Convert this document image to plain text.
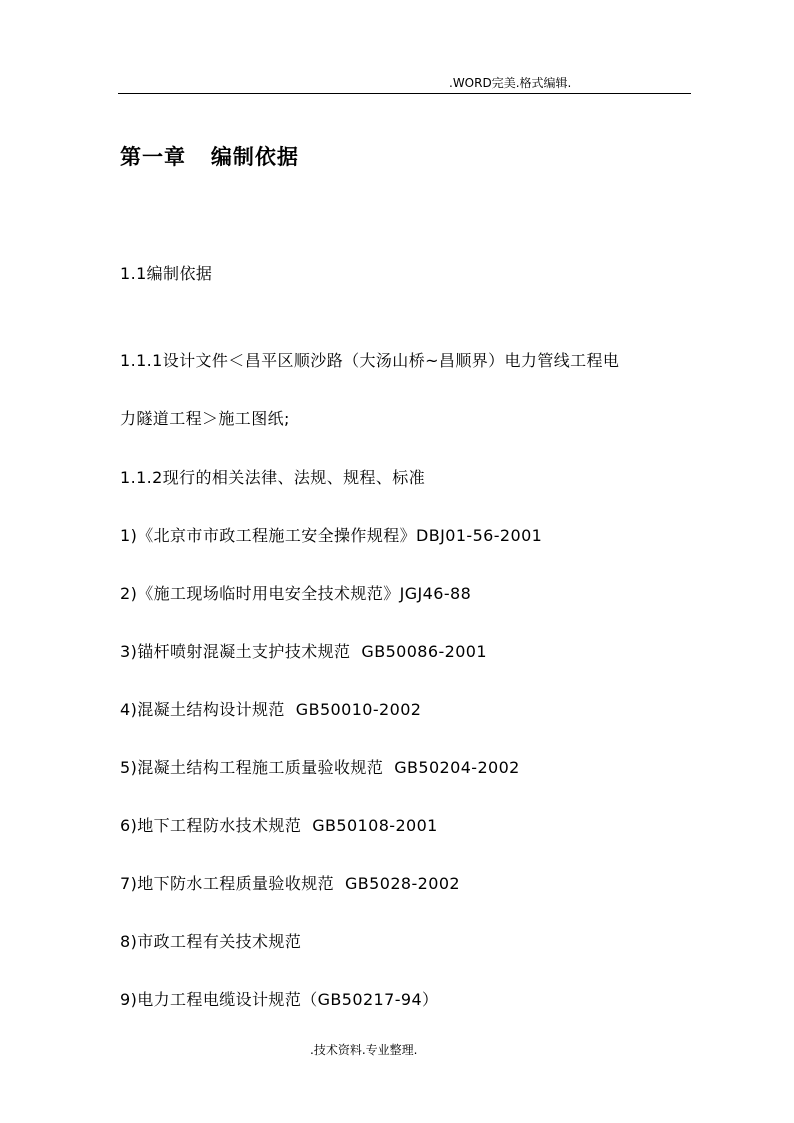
.WORD完美.格式编辑.
第一章   编制依据
1.1编制依据
1.1.1设计文件＜昌平区顺沙路（大汤山桥~昌顺界）电力管线工程电
力隧道工程＞施工图纸;
1.1.2现行的相关法律、法规、规程、标准
1)《北京市市政工程施工安全操作规程》DBJ01-56-2001
2)《施工现场临时用电安全技术规范》JGJ46-88
3)锚杆喷射混凝土支护技术规范  GB50086-2001
4)混凝土结构设计规范  GB50010-2002
5)混凝土结构工程施工质量验收规范  GB50204-2002
6)地下工程防水技术规范  GB50108-2001
7)地下防水工程质量验收规范  GB5028-2002
8)市政工程有关技术规范
9)电力工程电缆设计规范（GB50217-94）
.技术资料.专业整理.
